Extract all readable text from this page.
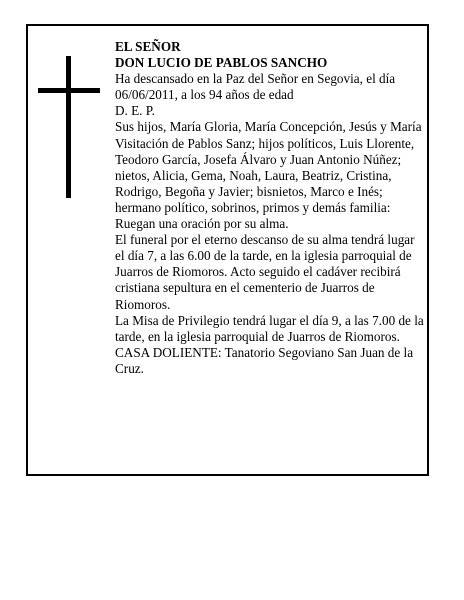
EL SEÑOR

DON LUCIO DE PABLOS SANCHO

Ha descansado en la Paz del Señor en Segovia, el día 06/06/2011, a los 94 años de edad

D. E. P.

Sus hijos, María Gloria, María Concepción, Jesús y María Visitación de Pablos Sanz; hijos políticos, Luis Llorente, Teodoro García, Josefa Álvaro y Juan Antonio Núñez; nietos, Alicia, Gema, Noah, Laura, Beatriz, Cristina, Rodrigo, Begoña y Javier; bisnietos, Marco e Inés; hermano político, sobrinos, primos y demás familia:

Ruegan una oración por su alma.

El funeral por el eterno descanso de su alma tendrá lugar el día 7, a las 6.00 de la tarde, en la iglesia parroquial de Juarros de Riomoros. Acto seguido el cadáver recibirá cristiana sepultura en el cementerio de Juarros de Riomoros.

La Misa de Privilegio tendrá lugar el día 9, a las 7.00 de la tarde, en la iglesia parroquial de Juarros de Riomoros.

CASA DOLIENTE: Tanatorio Segoviano San Juan de la Cruz.
